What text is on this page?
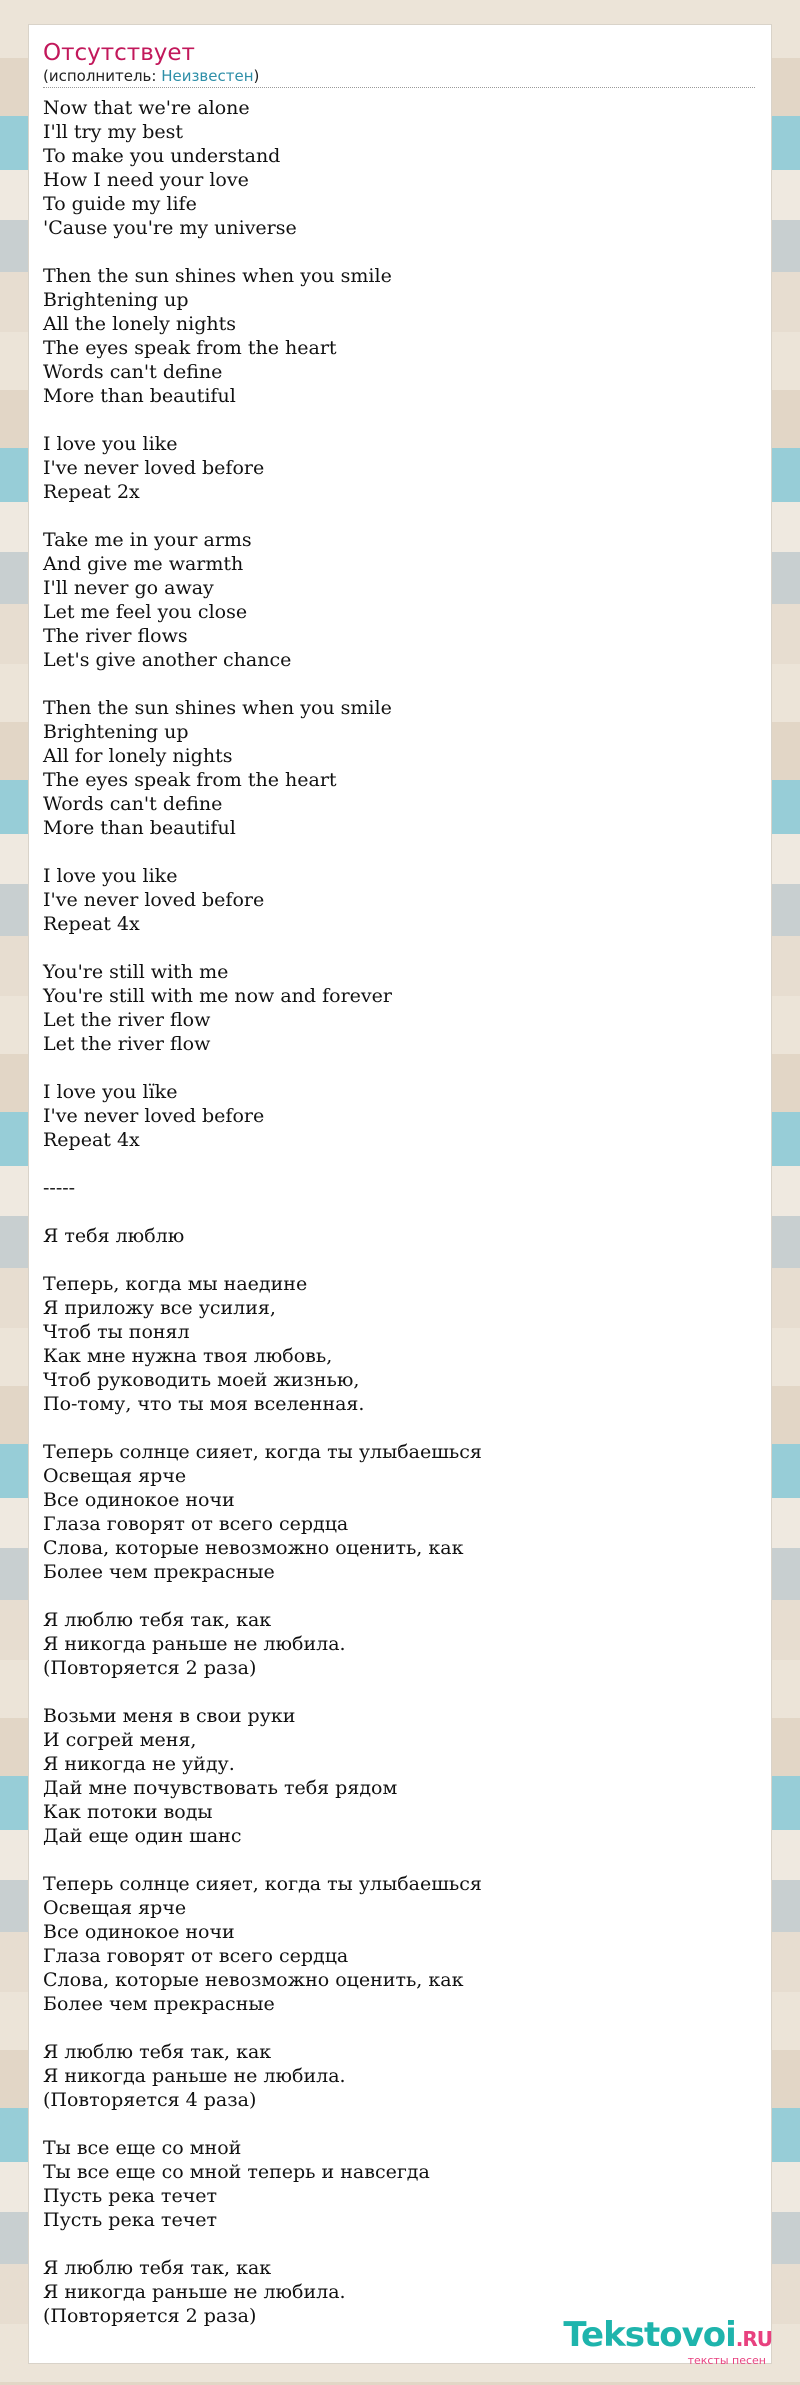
Отсутствует
(исполнитель: Неизвестен)
Now that we're alone
I'll try my best
To make you understand
How I need your love
To guide my life
'Cause you're my universe

Then the sun shines when you smile
Brightening up
All the lonely nights
The eyes speak from the heart
Words can't define
More than beautiful

I love you like
I've never loved before
Repeat 2x

Take me in your arms
And give me warmth
I'll never go away
Let me feel you close
The river flows
Let's give another chance

Then the sun shines when you smile
Brightening up
All for lonely nights
The eyes speak from the heart
Words can't define
More than beautiful

I love you like
I've never loved before
Repeat 4x

You're still with me
You're still with me now and forever
Let the river flow
Let the river flow

I love you lïke
I've never loved before
Repeat 4x

-----

Я тебя люблю

Теперь, когда мы наедине
Я приложу все усилия,
Чтоб ты понял
Как мне нужна твоя любовь,
Чтоб руководить моей жизнью,
По-тому, что ты моя вселенная.

Теперь солнце сияет, когда ты улыбаешься
Освещая ярче
Все одинокое ночи
Глаза говорят от всего сердца
Слова, которые невозможно оценить, как
Более чем прекрасные

Я люблю тебя так, как
Я никогда раньше не любила.
(Повторяется 2 раза)

Возьми меня в свои руки
И согрей меня,
Я никогда не уйду.
Дай мне почувствовать тебя рядом
Как потоки воды
Дай еще один шанс

Теперь солнце сияет, когда ты улыбаешься
Освещая ярче
Все одинокое ночи
Глаза говорят от всего сердца
Слова, которые невозможно оценить, как
Более чем прекрасные

Я люблю тебя так, как
Я никогда раньше не любила.
(Повторяется 4 раза)

Ты все еще со мной
Ты все еще со мной теперь и навсегда
Пусть река течет
Пусть река течет

Я люблю тебя так, как
Я никогда раньше не любила.
(Повторяется 2 раза)	Tekstovoi.RU
тексты песен
